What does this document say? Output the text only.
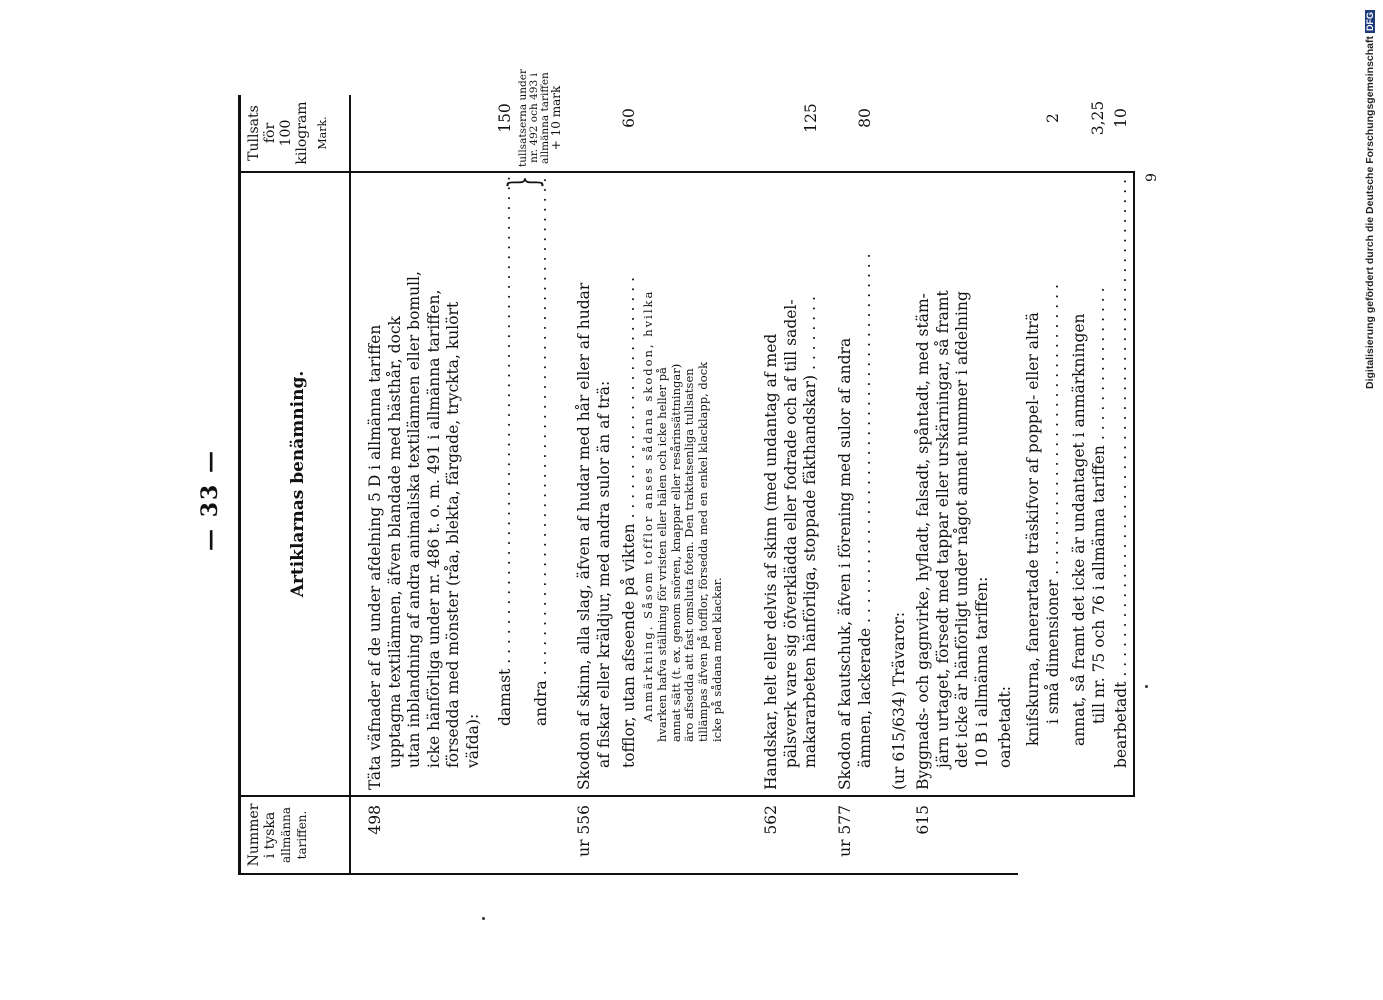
— 33 —
Nummer i tyska allmänna tariffen.
Artiklarnas benämning.
Tullsats för 100 kilogram Mark.
498
Täta väfnader af de under afdelning 5 D i allmänna tariffen upptagna textilämnen, äfven blandade med hästhår, dock utan inblandning af andra animaliska textilämnen eller bomull, icke hänförliga under nr. 486 t. o. m. 491 i allmänna tariffen, försedda med mönster (råa, blekta, färgade, tryckta, kulört väfda):
damast . . . . . . . . . . . . . . . . . . . . . . . . . . . . . . . . . . . . . . . . . . . . . . . . . .
150
andra . . . . . . . . . . . . . . . . . . . . . . . . . . . . . . . . . . . . . . . . . . . . . . . . . . .
}
tullsatserna under nr. 492 och 493 i allmänna tariffen
+ 10 mark
ur 556
Skodon af skinn, alla slag, äfven af hudar med hår eller af hudar af fiskar eller kräldjur, med andra sulor än af trä: tofflor, utan afseende på vikten . . . . . . . . . . . . . . . . . . . . . . . . .
60
Anmärkning. Såsom tofflor anses sådana skodon, hvilka hvarken hafva ställning för vristen eller hälen och icke heller på annat sätt (t. ex. genom snören, knappar eller resårinsättningar) äro afsedda att fast omsluta foten. Den traktatsenliga tullsatsen tillämpas äfven på tofflor, försedda med en enkel klacklapp, dock icke på sådana med klackar.
562
Handskar, helt eller delvis af skinn (med undantag af med pälsverk vare sig öfverklädda eller fodrade och af till sadel- makararbeten hänförliga, stoppade fäkthandskar) . . . . . . . .
125
ur 577
Skodon af kautschuk, äfven i förening med sulor af andra ämnen, lackerade . . . . . . . . . . . . . . . . . . . . . . . . . . . . . . . . . . . . . .
80
(ur 615/634) Trävaror:
615
Byggnads- och gagnvirke, hyfladt, falsadt, spåntadt, med stäm- järn urtaget, försedt med tappar eller urskärningar, så framt det icke är hänförligt under något annat nummer i afdelning 10 B i allmänna tariffen: oarbetadt: knifskurna, fanerartade träskifvor af poppel- eller alträ i små dimensioner . . . . . . . . . . . . . . . . . . . . . . . . . . . . . .
2
annat, så framt det icke är undantaget i anmärkningen till nr. 75 och 76 i allmänna tariffen . . . . . . . . . . . . . . . .
3,25
bearbetadt . . . . . . . . . . . . . . . . . . . . . . . . . . . . . . . . . . . . . . . . . . . . . . . . . . .
10
9	Digitalisierung gefördert durch die Deutsche ForschungsgemeinschaftDFG
